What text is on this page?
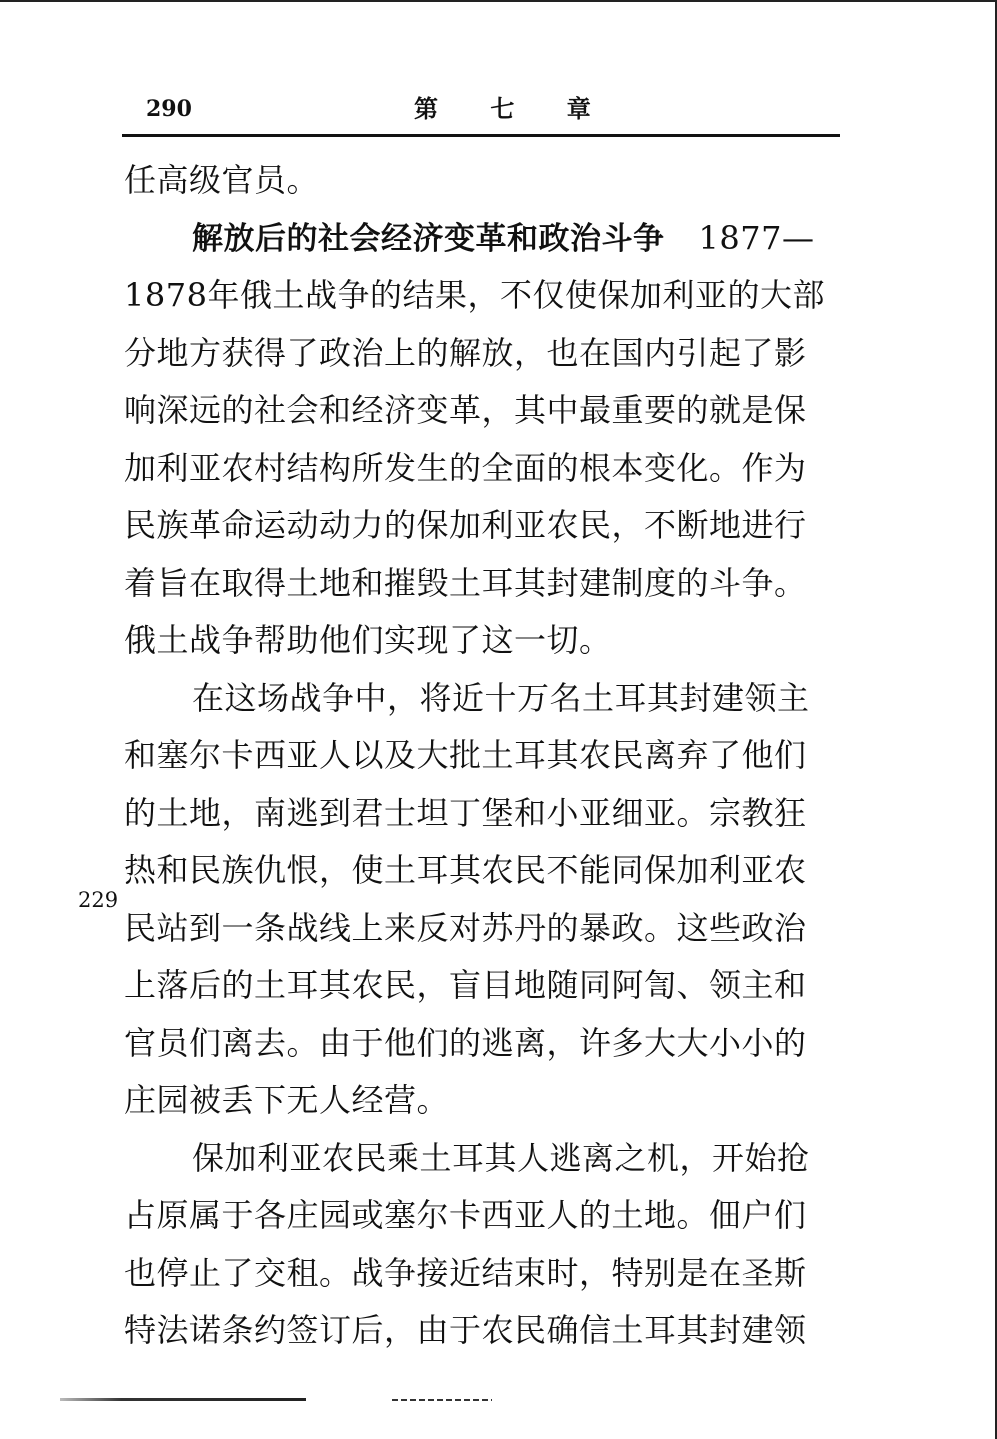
290	第 七 章
任高级官员。
解放后的社会经济变革和政治斗争 1877—
1878年俄土战争的结果，不仅使保加利亚的大部
分地方获得了政治上的解放，也在国内引起了影
响深远的社会和经济变革，其中最重要的就是保
加利亚农村结构所发生的全面的根本变化。作为
民族革命运动动力的保加利亚农民，不断地进行
着旨在取得土地和摧毁土耳其封建制度的斗争。
俄土战争帮助他们实现了这一切。
在这场战争中，将近十万名土耳其封建领主
和塞尔卡西亚人以及大批土耳其农民离弃了他们
的土地，南逃到君士坦丁堡和小亚细亚。宗教狂
热和民族仇恨，使土耳其农民不能同保加利亚农
民站到一条战线上来反对苏丹的暴政。这些政治
上落后的土耳其农民，盲目地随同阿訇、领主和
官员们离去。由于他们的逃离，许多大大小小的
庄园被丢下无人经营。
保加利亚农民乘土耳其人逃离之机，开始抢
占原属于各庄园或塞尔卡西亚人的土地。佃户们
也停止了交租。战争接近结束时，特别是在圣斯
特法诺条约签订后，由于农民确信土耳其封建领
229
